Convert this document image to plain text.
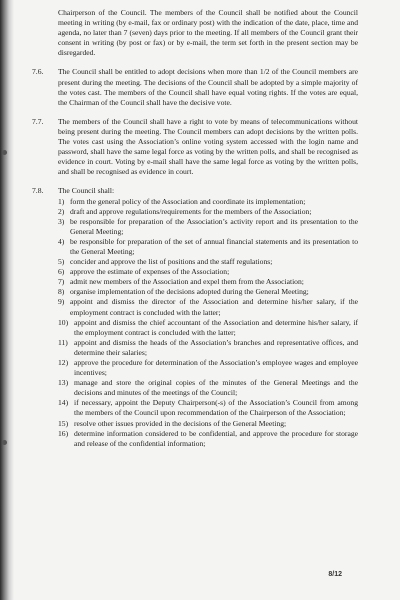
Chairperson of the Council. The members of the Council shall be notified about the Council meeting in writing (by e-mail, fax or ordinary post) with the indication of the date, place, time and agenda, no later than 7 (seven) days prior to the meeting. If all members of the Council grant their consent in writing (by post or fax) or by e-mail, the term set forth in the present section may be disregarded.

7.6. The Council shall be entitled to adopt decisions when more than 1/2 of the Council members are present during the meeting. The decisions of the Council shall be adopted by a simple majority of the votes cast. The members of the Council shall have equal voting rights. If the votes are equal, the Chairman of the Council shall have the decisive vote.

7.7. The members of the Council shall have a right to vote by means of telecommunications without being present during the meeting. The Council members can adopt decisions by the written polls. The votes cast using the Association’s online voting system accessed with the login name and password, shall have the same legal force as voting by the written polls, and shall be recognised as evidence in court. Voting by e-mail shall have the same legal force as voting by the written polls, and shall be recognised as evidence in court.

7.8. The Council shall:

1) form the general policy of the Association and coordinate its implementation;
2) draft and approve regulations/requirements for the members of the Association;
3) be responsible for preparation of the Association’s activity report and its presentation to the General Meeting;
4) be responsible for preparation of the set of annual financial statements and its presentation to the General Meeting;
5) concider and approve the list of positions and the staff regulations;
6) approve the estimate of expenses of the Association;
7) admit new members of the Association and expel them from the Association;
8) organise implementation of the decisions adopted during the General Meeting;
9) appoint and dismiss the director of the Association and determine his/her salary, if the employment contract is concluded with the latter;
10) appoint and dismiss the chief accountant of the Association and determine his/her salary, if the employment contract is concluded with the latter;
11) appoint and dismiss the heads of the Association’s branches and representative offices, and determine their salaries;
12) approve the procedure for determination of the Association’s employee wages and employee incentives;
13) manage and store the original copies of the minutes of the General Meetings and the decisions and minutes of the meetings of the Council;
14) if necessary, appoint the Deputy Chairperson(-s) of the Association’s Council from among the members of the Council upon recommendation of the Chairperson of the Association;
15) resolve other issues provided in the decisions of the General Meeting;
16) determine information considered to be confidential, and approve the procedure for storage and release of the confidential information;
8/12
